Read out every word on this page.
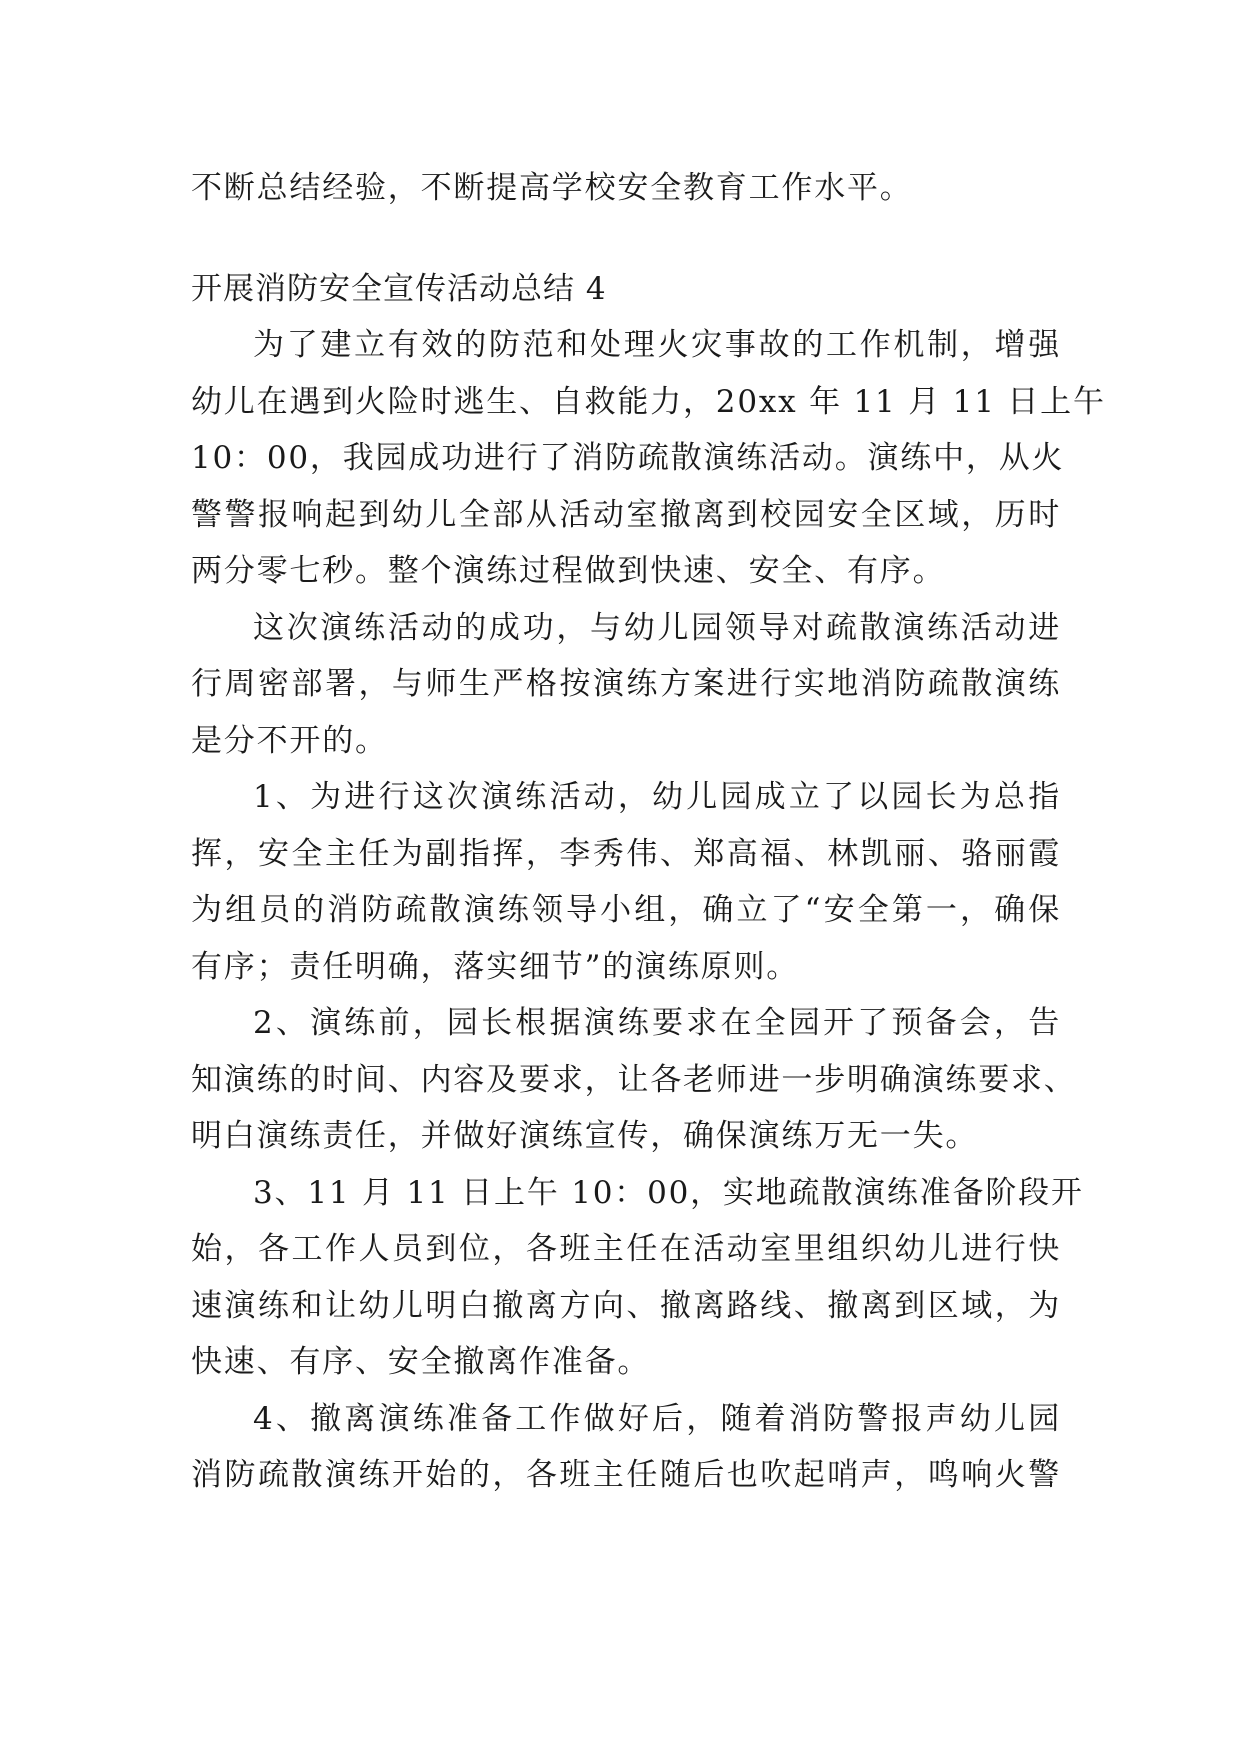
不断总结经验，不断提高学校安全教育工作水平。

开展消防安全宣传活动总结 4

为了建立有效的防范和处理火灾事故的工作机制，增强

幼儿在遇到火险时逃生、自救能力，20xx 年 11 月 11 日上午

10：00，我园成功进行了消防疏散演练活动。演练中，从火

警警报响起到幼儿全部从活动室撤离到校园安全区域，历时

两分零七秒。整个演练过程做到快速、安全、有序。

这次演练活动的成功，与幼儿园领导对疏散演练活动进

行周密部署，与师生严格按演练方案进行实地消防疏散演练

是分不开的。

1、为进行这次演练活动，幼儿园成立了以园长为总指

挥，安全主任为副指挥，李秀伟、郑高福、林凯丽、骆丽霞

为组员的消防疏散演练领导小组，确立了“安全第一，确保

有序；责任明确，落实细节”的演练原则。

2、演练前，园长根据演练要求在全园开了预备会，告

知演练的时间、内容及要求，让各老师进一步明确演练要求、

明白演练责任，并做好演练宣传，确保演练万无一失。

3、11 月 11 日上午 10：00，实地疏散演练准备阶段开

始，各工作人员到位，各班主任在活动室里组织幼儿进行快

速演练和让幼儿明白撤离方向、撤离路线、撤离到区域，为

快速、有序、安全撤离作准备。

4、撤离演练准备工作做好后，随着消防警报声幼儿园

消防疏散演练开始的，各班主任随后也吹起哨声，鸣响火警
